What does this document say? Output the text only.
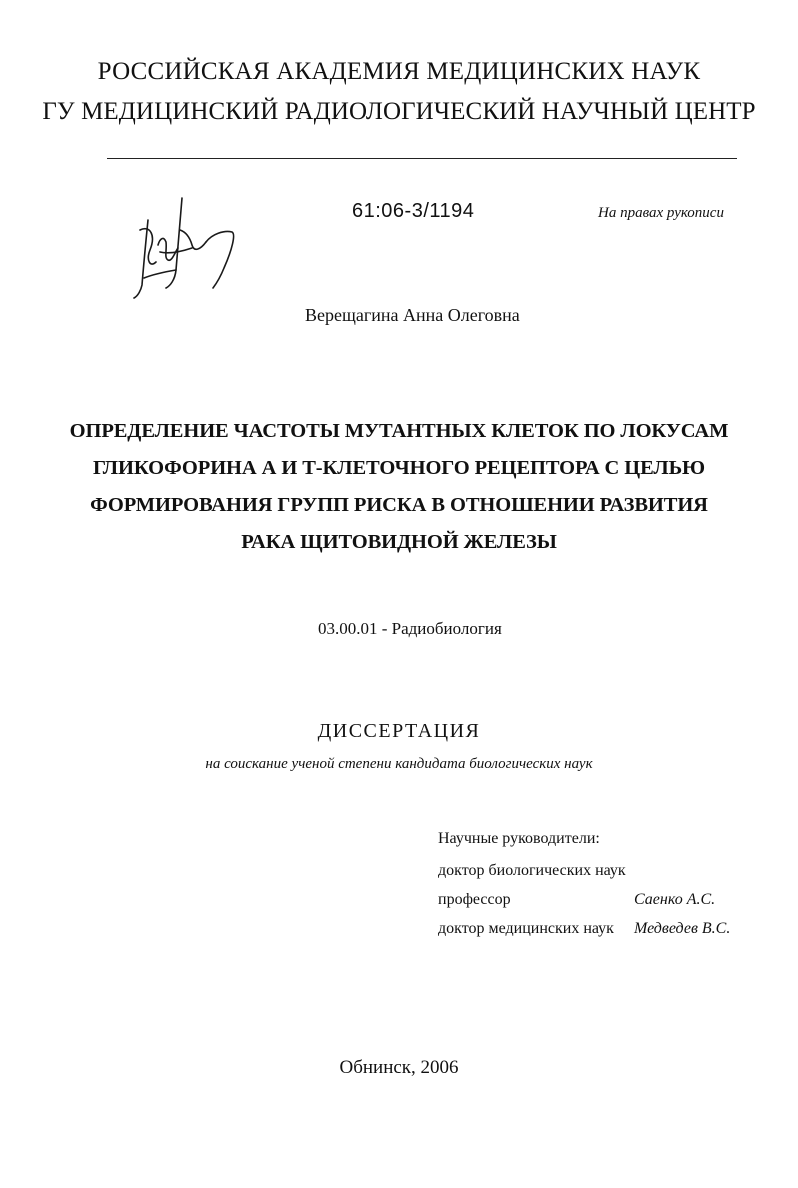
РОССИЙСКАЯ АКАДЕМИЯ МЕДИЦИНСКИХ НАУК
ГУ МЕДИЦИНСКИЙ РАДИОЛОГИЧЕСКИЙ НАУЧНЫЙ ЦЕНТР
61:06-3/1194	На правах рукописи
Верещагина Анна Олеговна
ОПРЕДЕЛЕНИЕ ЧАСТОТЫ МУТАНТНЫХ КЛЕТОК ПО ЛОКУСАМ
ГЛИКОФОРИНА А И Т-КЛЕТОЧНОГО РЕЦЕПТОРА С ЦЕЛЬЮ
ФОРМИРОВАНИЯ ГРУПП РИСКА В ОТНОШЕНИИ РАЗВИТИЯ
РАКА ЩИТОВИДНОЙ ЖЕЛЕЗЫ
03.00.01 - Радиобиология
ДИССЕРТАЦИЯ
на соискание ученой степени кандидата биологических наук
Научные руководители:
доктор биологических наук
профессор	Саенко А.С.
доктор медицинских наук Медведев В.С.
Обнинск, 2006
